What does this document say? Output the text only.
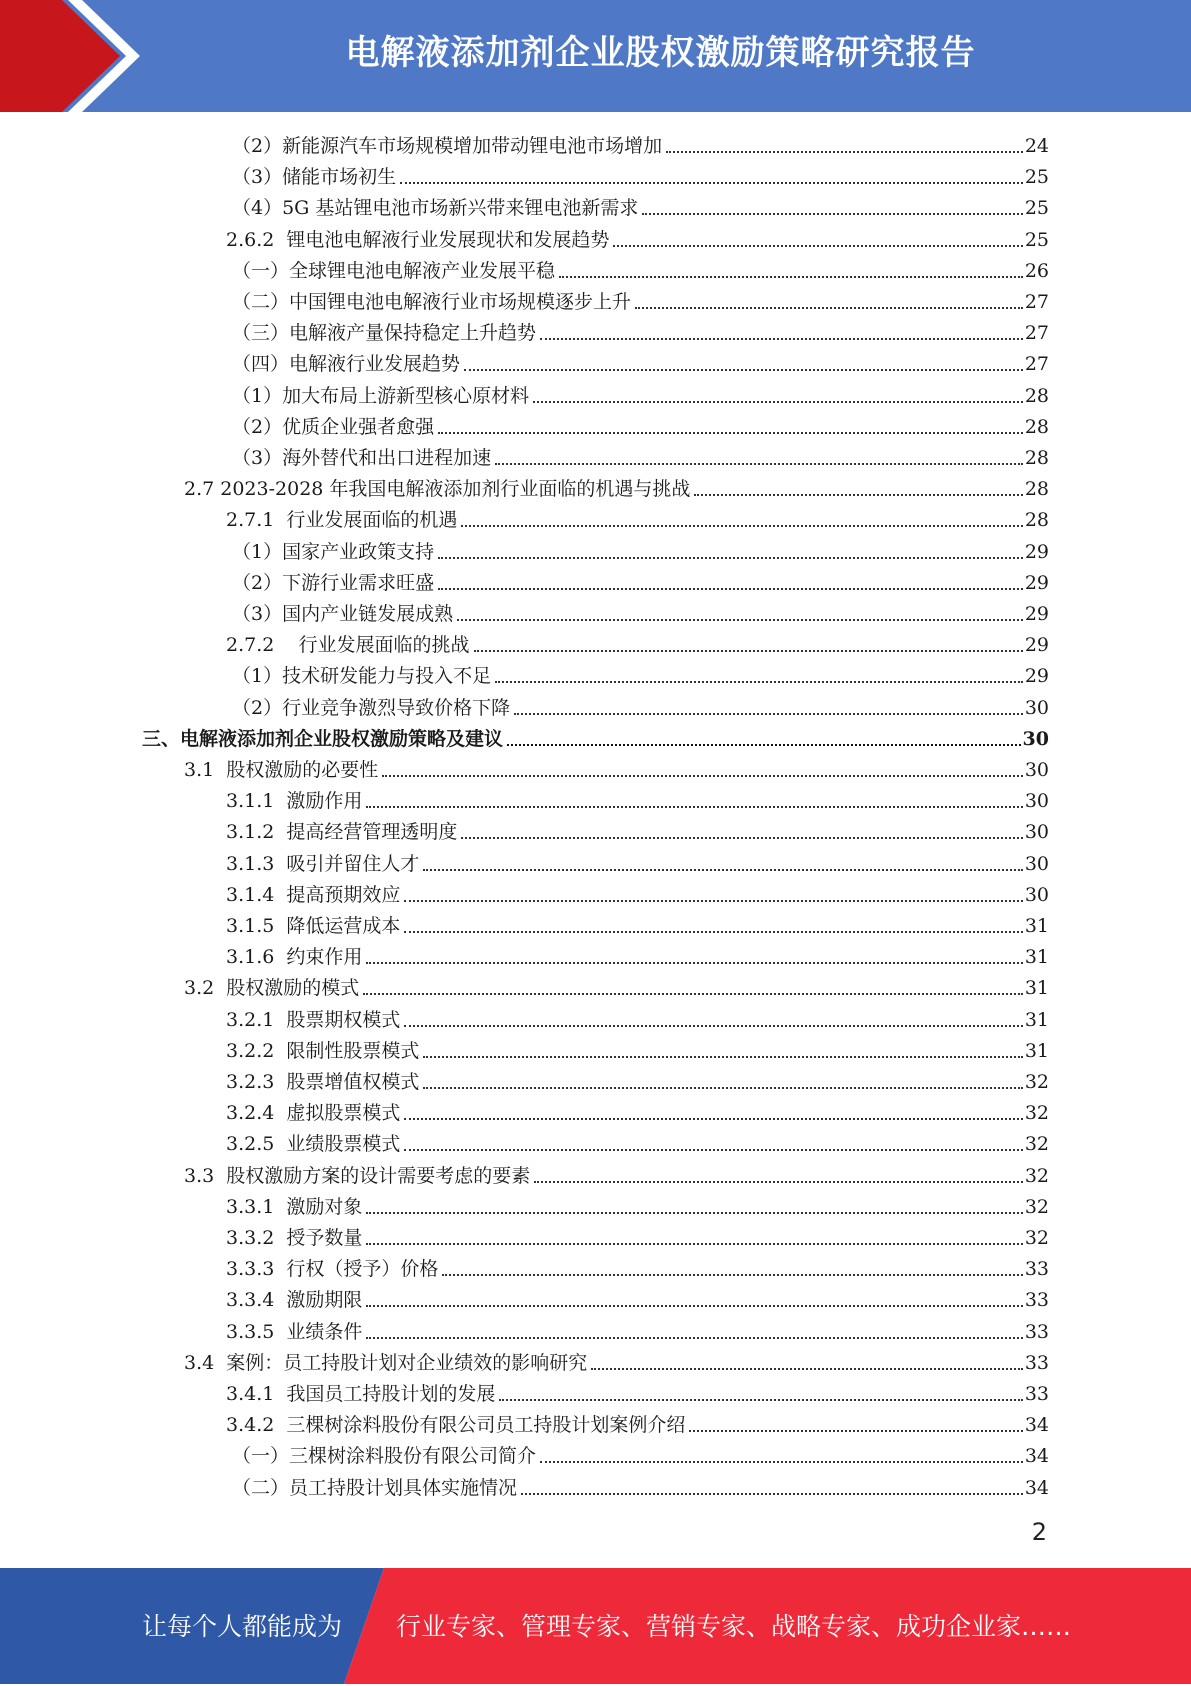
电解液添加剂企业股权激励策略研究报告
（2）新能源汽车市场规模增加带动锂电池市场增加	24
（3）储能市场初生	25
（4）5G 基站锂电池市场新兴带来锂电池新需求	25
2.6.2  锂电池电解液行业发展现状和发展趋势	25
（一）全球锂电池电解液产业发展平稳	26
（二）中国锂电池电解液行业市场规模逐步上升	27
（三）电解液产量保持稳定上升趋势	27
（四）电解液行业发展趋势	27
（1）加大布局上游新型核心原材料	28
（2）优质企业强者愈强	28
（3）海外替代和出口进程加速	28
2.7 2023-2028 年我国电解液添加剂行业面临的机遇与挑战	28
2.7.1  行业发展面临的机遇	28
（1）国家产业政策支持	29
（2）下游行业需求旺盛	29
（3）国内产业链发展成熟	29
2.7.2    行业发展面临的挑战	29
（1）技术研发能力与投入不足	29
（2）行业竞争激烈导致价格下降	30
三、电解液添加剂企业股权激励策略及建议	30
3.1  股权激励的必要性	30
3.1.1  激励作用	30
3.1.2  提高经营管理透明度	30
3.1.3  吸引并留住人才	30
3.1.4  提高预期效应	30
3.1.5  降低运营成本	31
3.1.6  约束作用	31
3.2  股权激励的模式	31
3.2.1  股票期权模式	31
3.2.2  限制性股票模式	31
3.2.3  股票增值权模式	32
3.2.4  虚拟股票模式	32
3.2.5  业绩股票模式	32
3.3  股权激励方案的设计需要考虑的要素	32
3.3.1  激励对象	32
3.3.2  授予数量	32
3.3.3  行权（授予）价格	33
3.3.4  激励期限	33
3.3.5  业绩条件	33
3.4  案例：员工持股计划对企业绩效的影响研究	33
3.4.1  我国员工持股计划的发展	33
3.4.2  三棵树涂料股份有限公司员工持股计划案例介绍	34
（一）三棵树涂料股份有限公司简介	34
（二）员工持股计划具体实施情况	34
2
让每个人都能成为 行业专家、管理专家、营销专家、战略专家、成功企业家……
